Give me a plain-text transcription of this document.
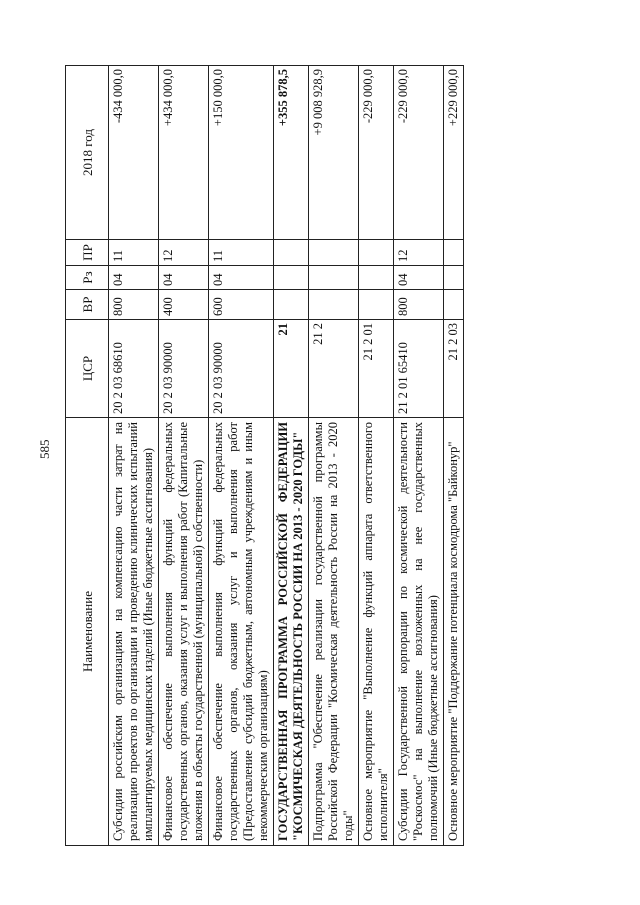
585
Наименование	ЦСР	ВР	Рз	ПР	2018 год
Субсидии российским организациям на компенсацию части затрат на реализацию проектов по организации и проведению клинических испытаний имплантируемых медицинских изделий (Иные бюджетные ассигнования)	20 2 03 68610	800	04	11	-434 000,0
Финансовое обеспечение выполнения функций федеральных государственных органов, оказания услуг и выполнения работ (Капитальные вложения в объекты государственной (муниципальной) собственности)	20 2 03 90000	400	04	12	+434 000,0
Финансовое обеспечение выполнения функций федеральных государственных органов, оказания услуг и выполнения работ (Предоставление субсидий бюджетным, автономным учреждениям и иным некоммерческим организациям)	20 2 03 90000	600	04	11	+150 000,0
ГОСУДАРСТВЕННАЯ ПРОГРАММА РОССИЙСКОЙ ФЕДЕРАЦИИ "КОСМИЧЕСКАЯ ДЕЯТЕЛЬНОСТЬ РОССИИ НА 2013 - 2020 ГОДЫ"	21				+355 878,5
Подпрограмма "Обеспечение реализации государственной программы Российской Федерации "Космическая деятельность России на 2013 - 2020 годы"	21 2				+9 008 928,9
Основное мероприятие "Выполнение функций аппарата ответственного исполнителя"	21 2 01				-229 000,0
Субсидии Государственной корпорации по космической деятельности "Роскосмос" на выполнение возложенных на нее государственных полномочий (Иные бюджетные ассигнования)	21 2 01 65410	800	04	12	-229 000,0
Основное мероприятие "Поддержание потенциала космодрома "Байконур"	21 2 03				+229 000,0
